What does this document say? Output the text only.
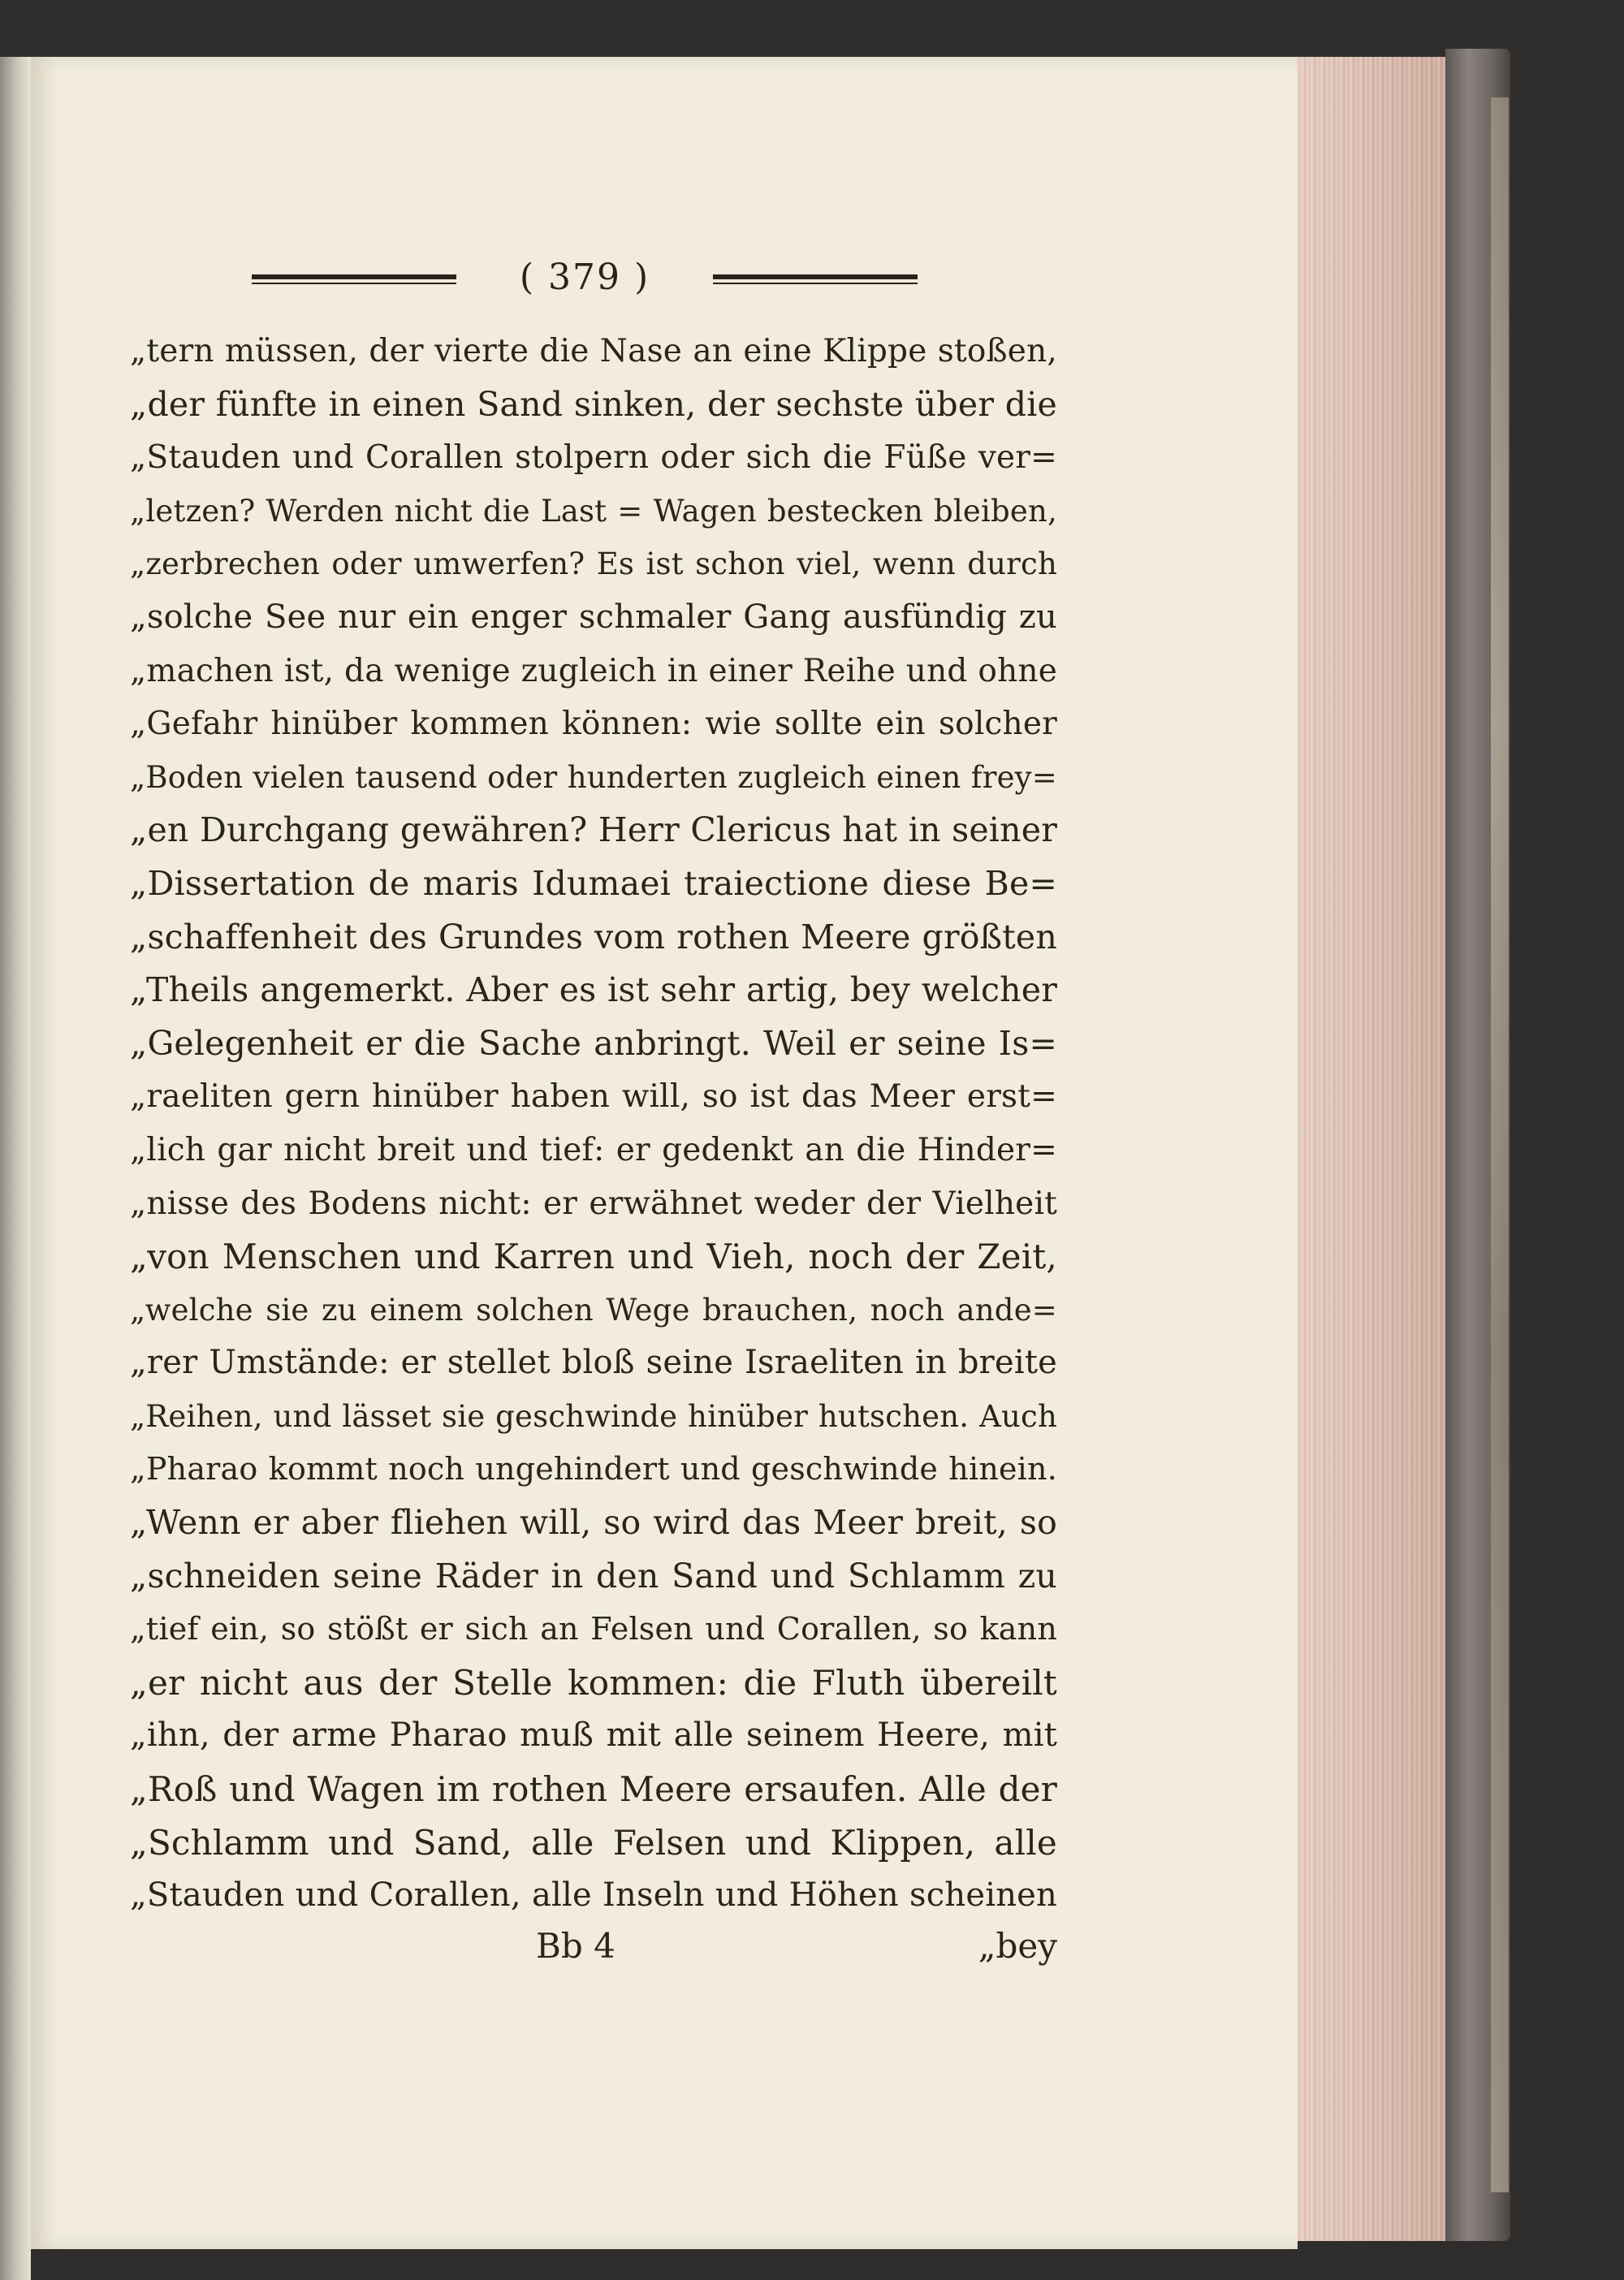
( 379 )
„tern müssen, der vierte die Nase an eine Klippe stoßen,
„der fünfte in einen Sand sinken, der sechste über die
„Stauden und Corallen stolpern oder sich die Füße ver=
„letzen? Werden nicht die Last = Wagen bestecken bleiben,
„zerbrechen oder umwerfen? Es ist schon viel, wenn durch
„solche See nur ein enger schmaler Gang ausfündig zu
„machen ist, da wenige zugleich in einer Reihe und ohne
„Gefahr hinüber kommen können: wie sollte ein solcher
„Boden vielen tausend oder hunderten zugleich einen frey=
„en Durchgang gewähren? Herr Clericus hat in seiner
„Dissertation de maris Idumaei traiectione diese Be=
„schaffenheit des Grundes vom rothen Meere größten
„Theils angemerkt. Aber es ist sehr artig, bey welcher
„Gelegenheit er die Sache anbringt. Weil er seine Is=
„raeliten gern hinüber haben will, so ist das Meer erst=
„lich gar nicht breit und tief: er gedenkt an die Hinder=
„nisse des Bodens nicht: er erwähnet weder der Vielheit
„von Menschen und Karren und Vieh, noch der Zeit,
„welche sie zu einem solchen Wege brauchen, noch ande=
„rer Umstände: er stellet bloß seine Israeliten in breite
„Reihen, und lässet sie geschwinde hinüber hutschen. Auch
„Pharao kommt noch ungehindert und geschwinde hinein.
„Wenn er aber fliehen will, so wird das Meer breit, so
„schneiden seine Räder in den Sand und Schlamm zu
„tief ein, so stößt er sich an Felsen und Corallen, so kann
„er nicht aus der Stelle kommen: die Fluth übereilt
„ihn, der arme Pharao muß mit alle seinem Heere, mit
„Roß und Wagen im rothen Meere ersaufen. Alle der
„Schlamm und Sand, alle Felsen und Klippen, alle
„Stauden und Corallen, alle Inseln und Höhen scheinen
Bb 4	„bey
